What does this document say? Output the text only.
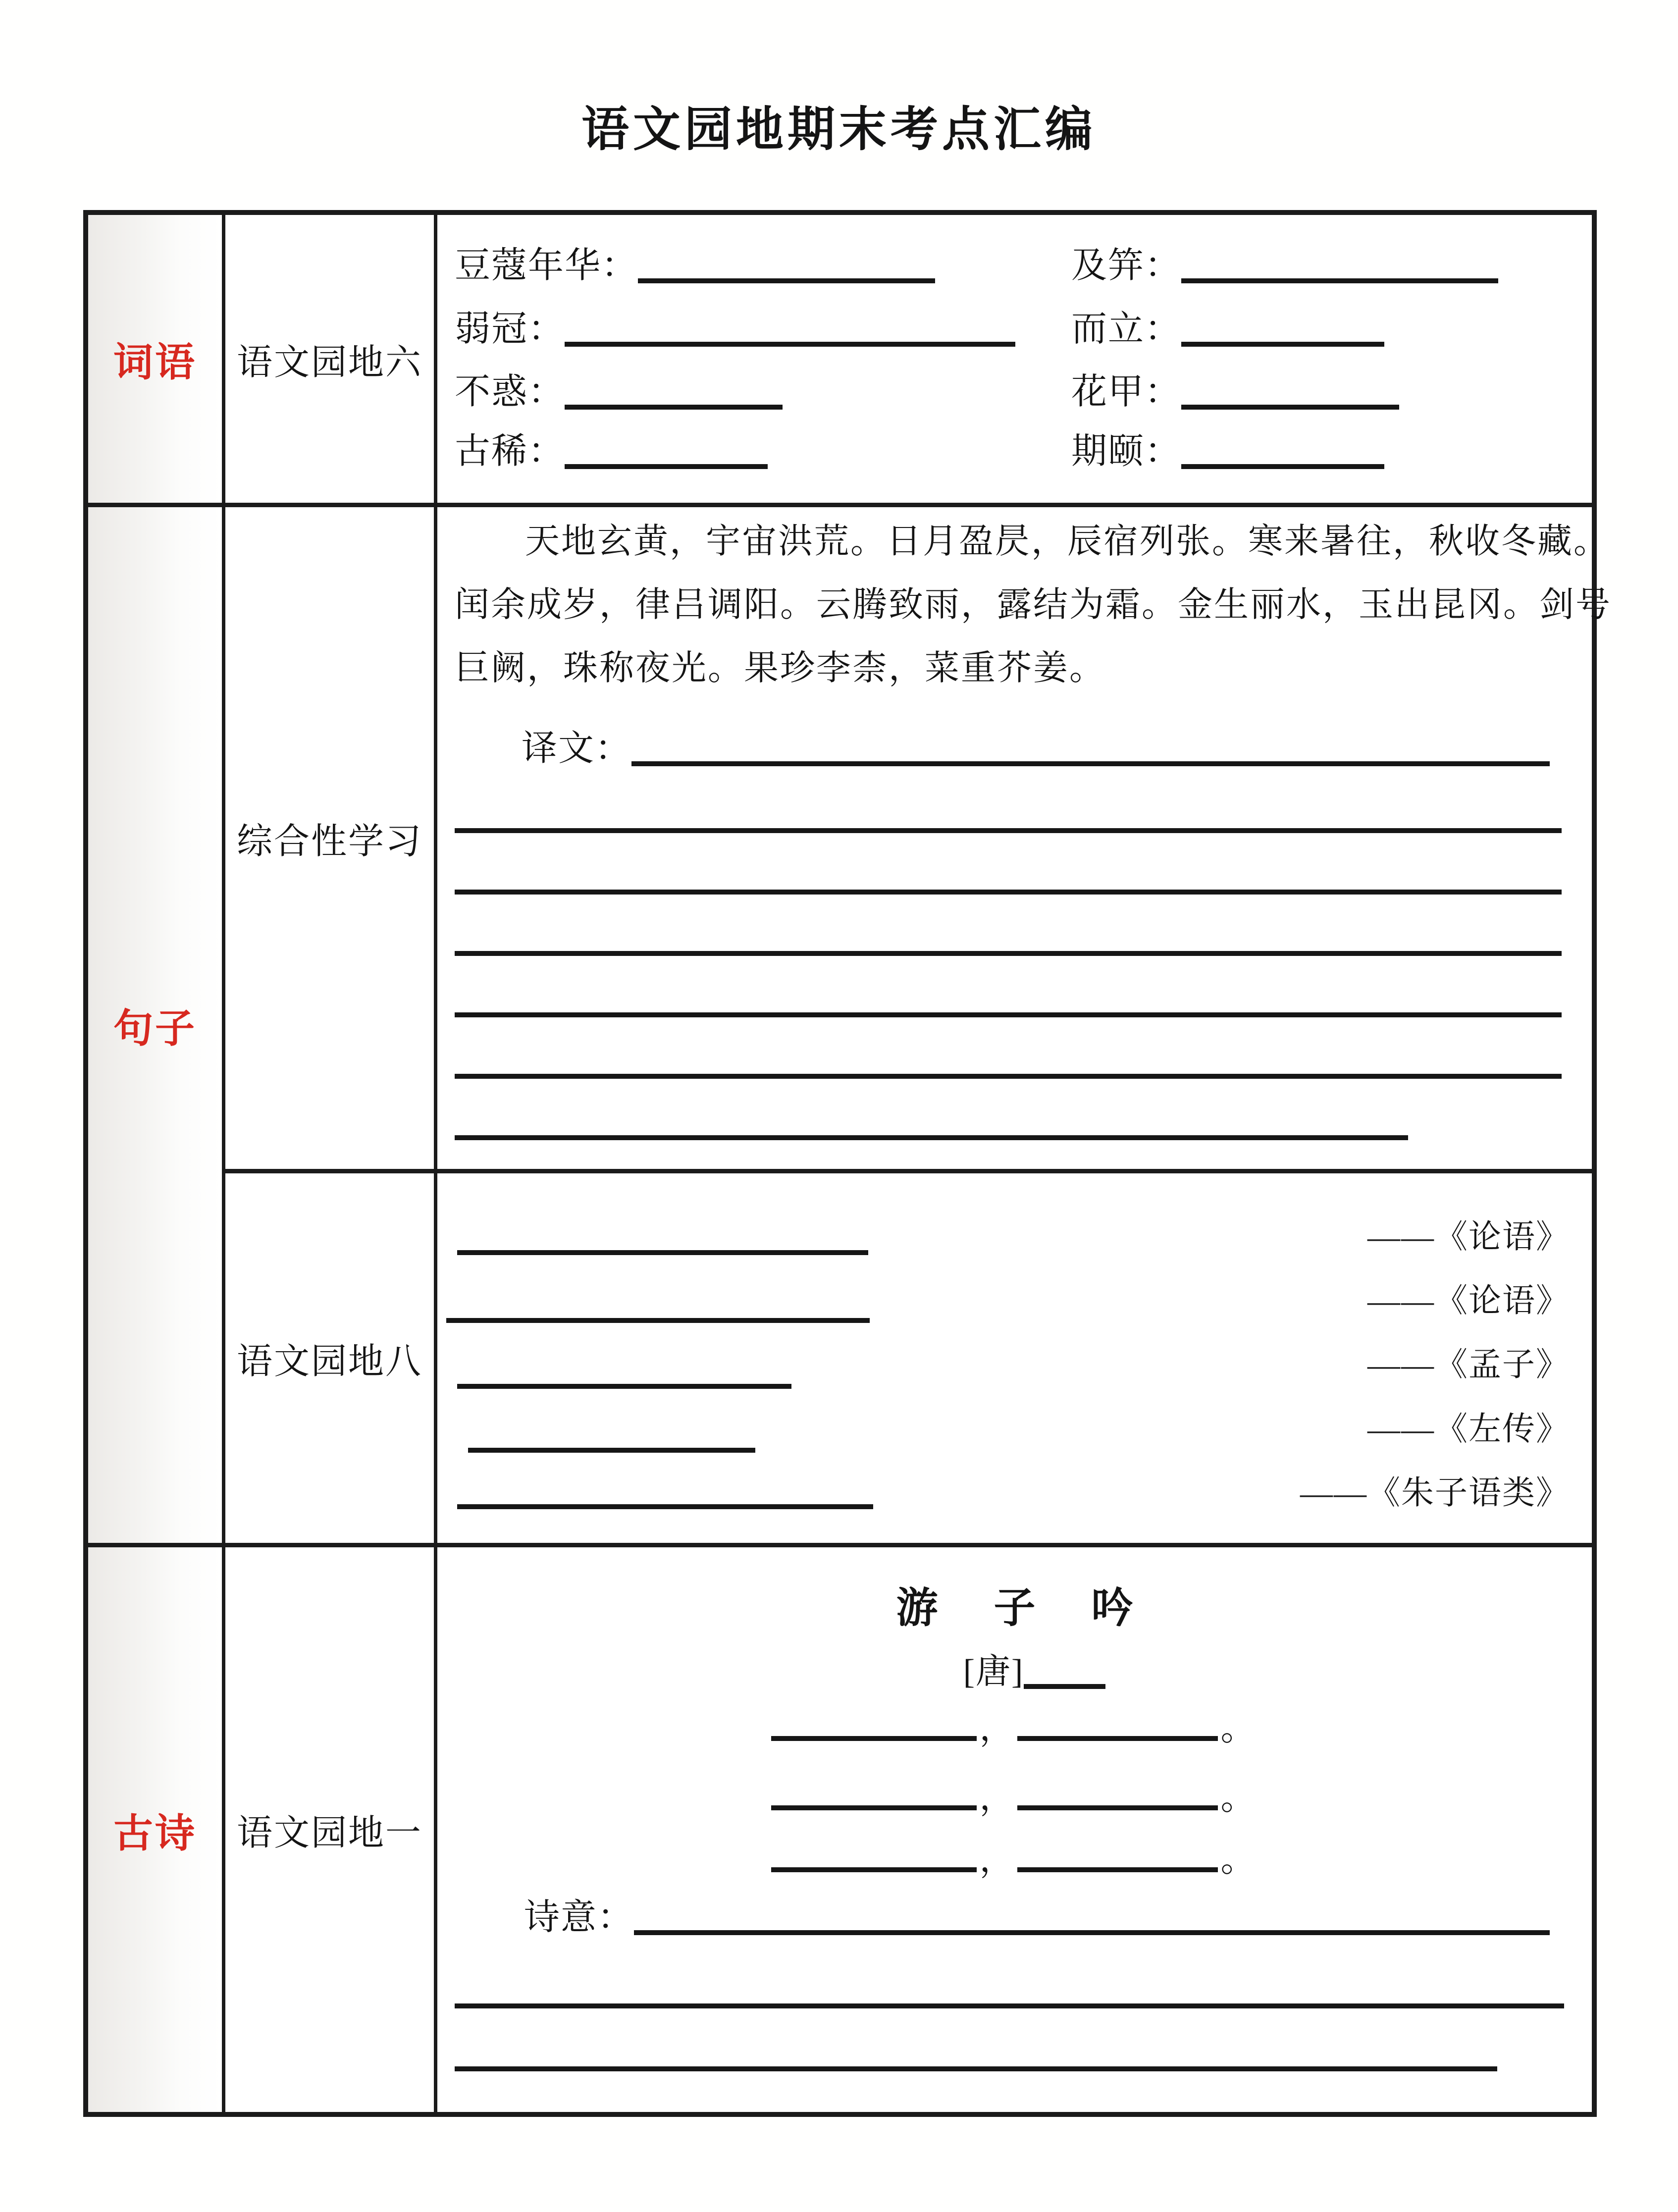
语文园地期末考点汇编
词语 语文园地六
豆蔻年华：	及笄：
弱冠：	而立：
不惑：	花甲：
古稀：	期颐：
句子
综合性学习
天地玄黄，宇宙洪荒。日月盈昃，辰宿列张。寒来暑往，秋收冬藏。
闰余成岁，律吕调阳。云腾致雨，露结为霜。金生丽水，玉出昆冈。剑号
巨阙，珠称夜光。果珍李柰，菜重芥姜。
译文：
语文园地八
——《论语》
——《论语》
——《孟子》
——《左传》
——《朱子语类》
古诗 语文园地一
游 子 吟
[唐]
，	。
，	。
，	。
诗意：
